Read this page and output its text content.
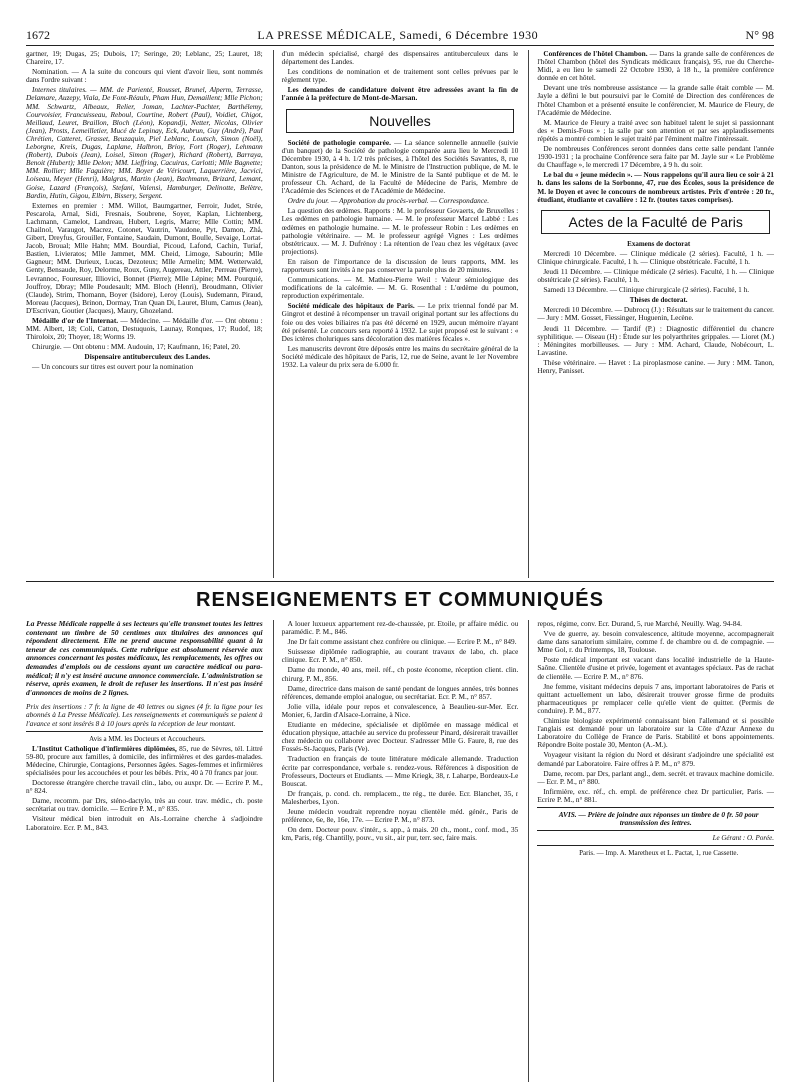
1672	LA PRESSE MÉDICALE, Samedi, 6 Décembre 1930	N° 98

gartner, 19; Dugas, 25; Dubois, 17; Seringe, 20; Leblanc, 25; Lauret, 18; Chareire, 17.

Nomination. — A la suite du concours qui vient d'avoir lieu, sont nommés dans l'ordre suivant :

Internes titulaires. — MM. de Parienté, Rousset, Brunel, Alperm, Terrasse, Delamare, Auzepy, Viala, De Font-Réaulx, Pham Hun, Demaillent; Mlle Pichon; MM. Schwartz, Albeaux, Relier, Joman, Lachter-Pachter, Barthélemy, Courvoisier, Francuisseau, Reboul, Courtine, Robert (Paul), Voidiet, Chigot, Meillaud, Leuret, Braillon, Bloch (Léon), Kopandji, Netter, Nicolas, Olivier (Jean), Prosts, Lemeilletier, Mucé de Lepinay, Eck, Aubrun, Guy (André), Paul Chrétien, Catteret, Grasset, Beuzaquin, Piel Leblanc, Loutsch, Simon (Noël), Leborgne, Kreis, Dugas, Laplane, Halbron, Brioy, Fort (Roger), Lehmann (Robert), Dubois (Jean), Loisel, Simon (Roger), Richard (Robert), Barraya, Benoit (Hubert); Mlle Delon; MM. Lieffring, Cacuiras, Carlotti; Mlle Bagnette; MM. Rollier; Mlle Faguière; MM. Boyer de Véricourt, Laquerrière, Jacvici, Loiseau, Meyer (Henri), Malgras, Martin (Jean), Bachmann, Brizard, Lemant, Goise, Lazard (François), Stefani, Valensi, Hamburger, Delinotte, Belètre, Bardin, Hutin, Gigou, Elbirn, Bissery, Sergent.

Externes en premier : MM. Willot, Baumgartner, Ferroir, Judet, Strée, Pescarola, Arnal, Sidi, Fresnais, Soubrene, Soyer, Kaplan, Lichtenberg, Lachmann, Camelot, Landreau, Hubert, Legris, Marre; Mlle Cottin; MM. Chailnol, Varaugot, Macrez, Cotonet, Vautrin, Vaudone, Pyt, Damon, Zhå, Gibert, Dreyfus, Grouiller, Fontaine, Saudain, Dumont, Boulle, Sevaige, Lortat-Jacob, Broual; Mlle Hahn; MM. Bourdial, Picoud, Lafond, Cachin, Turiaf, Bastien, Livieratos; Mlle Jammet, MM. Cheid, Limoge, Sabourin; Mlle Gagneur; MM. Durieux, Lucas, Dezoteux; Mlle Armelin; MM. Wetterwald, Genty, Bensaude, Roy, Delorme, Roux, Guny, Augereau, Attler, Perreau (Pierre), Levrannoc, Fouresuer, Illiovici, Bonnet (Pierre); Mlle Lépine; MM. Pourquié, Jouffroy, Dbray; Mlle Poudesault; MM. Bloch (Henri), Broudmann, Olivier (Claude), Strim, Thomann, Boyer (Isidore), Leroy (Louis), Sudemann, Piraud, Moreau (Jacques), Brinon, Dormay, Tran Quan Di, Lauret, Blum, Camus (Jean), D'Escrivan, Goutier (Jacques), Maury, Ghozeland.

Médaille d'or de l'Internat. — Médecine. — Médaille d'or. — Ont obtenu : MM. Albert, 18; Coli, Catton, Destuquois, Launay, Ronques, 17; Rudof, 18; Thiroloix, 20; Thoyer, 18; Worms 19.

Chirurgie. — Ont obtenu : MM. Audouin, 17; Kaufmann, 16; Patel, 20.

Dispensaire antituberculeux des Landes.

— Un concours sur titres est ouvert pour la nomination

d'un médecin spécialisé, chargé des dispensaires antituberculeux dans le département des Landes.

Les conditions de nomination et de traitement sont celles prévues par le règlement type.

Les demandes de candidature doivent être adressées avant la fin de l'année à la préfecture de Mont-de-Marsan.

Nouvelles

Société de pathologie comparée. — La séance solennelle annuelle (suivie d'un banquet) de la Société de pathologie comparée aura lieu le Mercredi 10 Décembre 1930, à 4 h. 1/2 très précises, à l'hôtel des Sociétés Savantes, 8, rue Danton, sous la présidence de M. le Ministre de l'Instruction publique, de M. le Ministre de l'Agriculture, de M. le Ministre de la Santé publique et de M. le professeur Ch. Achard, de la Faculté de Médecine de Paris, Membre de l'Académie des Sciences et de l'Académie de Médecine.

Ordre du jour. — Approbation du procès-verbal. — Correspondance.

La question des œdèmes. Rapports : M. le professeur Govaerts, de Bruxelles : Les œdèmes en pathologie humaine. — M. le professeur Marcel Labbé : Les œdèmes en pathologie humaine. — M. le professeur Robin : Les œdèmes en pathologie vétérinaire. — M. le professeur agrégé Vignes : Les œdèmes obstétricaux. — M. J. Dufrénoy : La rétention de l'eau chez les végétaux (avec projections).

En raison de l'importance de la discussion de leurs rapports, MM. les rapporteurs sont invités à ne pas conserver la parole plus de 20 minutes.

Communications. — M. Mathieu-Pierre Weil : Valeur sémiologique des modifications de la calcémie. — M. G. Rosenthal : L'œdème du poumon, reproduction expérimentale.

Société médicale des hôpitaux de Paris. — Le prix triennal fondé par M. Gingrot et destiné à récompenser un travail original portant sur les affections du foie ou des voies biliaires n'a pas été décerné en 1929, aucun mémoire n'ayant été présenté. Le concours sera reporté à 1932. Le sujet proposé est le suivant : « Des ictères choluriques sans décoloration des matières fécales ».

Les manuscrits devront être déposés entre les mains du secrétaire général de la Société médicale des hôpitaux de Paris, 12, rue de Seine, avant le 1er Novembre 1932. La valeur du prix sera de 6.000 fr.

Conférences de l'hôtel Chambon. — Dans la grande salle de conférences de l'hôtel Chambon (hôtel des Syndicats médicaux français), 95, rue du Cherche-Midi, a eu lieu le samedi 22 Octobre 1930, à 18 h., la première conférence donnée en cet hôtel.

Devant une très nombreuse assistance — la grande salle était comble — M. Jayle a défini le but poursuivi par le Comité de Direction des conférences de l'hôtel Chambon et a présenté ensuite le conférencier, M. Maurice de Fleury, de l'Académie de Médecine.

M. Maurice de Fleury a traité avec son habituel talent le sujet si passionnant des « Demis-Fous » ; la salle par son attention et par ses applaudissements répétés a montré combien le sujet traité par l'éminent maître l'intéressait.

De nombreuses Conférences seront données dans cette salle pendant l'année 1930-1931 ; la prochaine Conférence sera faite par M. Jayle sur « Le Problème du Chauffage », le mercredi 17 Décembre, à 9 h. du soir.

Le bal du « jeune médecin ». — Nous rappelons qu'il aura lieu ce soir à 21 h. dans les salons de la Sorbonne, 47, rue des Écoles, sous la présidence de M. le Doyen et avec le concours de nombreux artistes. Prix d'entrée : 20 fr., étudiant, étudiante et cavalière : 12 fr. (toutes taxes comprises).

Actes de la Faculté de Paris

Examens de doctorat

Mercredi 10 Décembre. — Clinique médicale (2 séries). Faculté, 1 h. — Clinique chirurgicale. Faculté, 1 h. — Clinique obstétricale. Faculté, 1 h.

Jeudi 11 Décembre. — Clinique médicale (2 séries). Faculté, 1 h. — Clinique obstétricale (2 séries). Faculté, 1 h.

Samedi 13 Décembre. — Clinique chirurgicale (2 séries). Faculté, 1 h.

Thèses de doctorat.

Mercredi 10 Décembre. — Dubrocq (J.) : Résultats sur le traitement du cancer. — Jury : MM. Gosset, Fiessinger, Huguenin, Lecène.

Jeudi 11 Décembre. — Tardif (P.) : Diagnostic différentiel du chancre syphilitique. — Oiseau (H) : Étude sur les polyarthrites grippales. — Lioret (M.) : Méningites morbilleuses. — Jury : MM. Achard, Claude, Nobécourt, L. Lavastine.

Thèse vétérinaire. — Havet : La piroplasmose canine. — Jury : MM. Tanon, Henry, Panisset.

RENSEIGNEMENTS ET COMMUNIQUÉS

La Presse Médicale rappelle à ses lecteurs qu'elle transmet toutes les lettres contenant un timbre de 50 centimes aux titulaires des annonces qui répondent directement. Elle ne prend aucune responsabilité quant à la teneur de ces communiqués. Cette rubrique est absolument réservée aux annonces concernant les postes médicaux, les remplacements, les offres ou demandes d'emplois ou de cessions ayant un caractère médical ou para-médical; il n'y est inséré aucune annonce commerciale. L'administration se réserve, après examen, le droit de refuser les insertions. Il n'est pas inséré d'annonces de moins de 2 lignes.

Prix des insertions : 7 fr. la ligne de 40 lettres ou signes (4 fr. la ligne pour les abonnés à La Presse Médicale). Les renseignements et communiqués se paient à l'avance et sont insérés 8 à 10 jours après la réception de leur montant.

Avis a MM. les Docteurs et Accoucheurs.

L'Institut Catholique d'infirmières diplômées, 85, rue de Sèvres, tél. Littré 59-80, procure aux familles, à domicile, des infirmières et des gardes-malades. Médecine, Chirurgie, Contagions, Personnes âgées. Sages-femmes et infirmières spécialisées pour les accouchées et pour les bébés. Prix, 40 à 70 francs par jour.

Doctoresse étrangère cherche travail clin., labo, ou auxpr. Dr. — Ecrire P. M., n° 824.

Dame, recomm. par Drs, sténo-dactylo, très au cour. trav. médic., ch. poste secrétariat ou trav. domicile. — Ecrire P. M., n° 835.

Visiteur médical bien introduit en Als.-Lorraine cherche à s'adjoindre Laboratoire. Ecr. P. M., 843.

A louer luxueux appartement rez-de-chaussée, pr. Etoile, pr affaire médic. ou paramédic. P. M., 846.

Jne Dr fait comme assistant chez confrère ou clinique. — Ecrire P. M., n° 849.

Suissesse diplômée radiographie, au courant travaux de labo, ch. place clinique. Ecr. P. M., n° 850.

Dame du monde, 40 ans, meil. réf., ch poste économe, réception client. clin. chirurg. P. M., 856.

Dame, directrice dans maison de santé pendant de longues années, très bonnes références, demande emploi analogue, ou secrétariat. Ecr. P. M., n° 857.

Jolie villa, idéale pour repos et convalescence, à Beaulieu-sur-Mer. Ecr. Monier, 6, Jardin d'Alsace-Lorraine, à Nice.

Etudiante en médecine, spécialisée et diplômée en massage médical et éducation physique, attachée au service du professeur Pinard, désirerait travailler chez médecin ou collaborer avec Docteur. S'adresser Mlle G. Faure, 8, rue des Fossés-St-Jacques, Paris (Ve).

Traduction en français de toute littérature médicale allemande. Traduction écrite par correspondance, verbale s. rendez-vous. Références à disposition de Professeurs, Docteurs et Etudiants. — Mme Kriegk, 38, r. Laharpe, Bordeaux-Le Bouscat.

Dr français, p. cond. ch. remplacem., tte rég., tte durée. Ecr. Blanchet, 35, r Malesherbes, Lyon.

Jeune médecin voudrait reprendre noyau clientèle méd. génér., Paris de préférence, 6e, 8e, 16e, 17e. — Ecrire P. M., n° 873.

On dem. Docteur pouv. s'intér., s. app., à mais. 20 ch., mont., conf. mod., 35 km, Paris, rég. Chantilly, pouv., vu sit., air pur, terr. sec, faire mais.

repos, régime, conv. Ecr. Durand, 5, rue Marché, Neuilly. Wag. 94-84.

Vve de guerre, ay. besoin convalescence, altitude moyenne, accompagnerait dame dans sanatorium similaire, comme f. de chambre ou d. de compagnie. — Mme Gol, r. du Printemps, 18, Toulouse.

Poste médical important est vacant dans localité industrielle de la Haute-Saône. Clientèle d'usine et privée, logement et avantages spéciaux. Pas de rachat de clientèle. — Ecrire P. M., n° 876.

Jne femme, visitant médecins depuis 7 ans, important laboratoires de Paris et quittant actuellement un labo, désirerait trouver grosse firme de produits pharmaceutiques pr remplacer celle qu'elle vient de quitter. (Permis de conduire). P. M., 877.

Chimiste biologiste expérimenté connaissant bien l'allemand et si possible l'anglais est demandé pour un laboratoire sur la Côte d'Azur Annexe du Laboratoire du Collège de France de Paris. Stabilité et bons appointements. Répondre Boite postale 30, Menton (A.-M.).

Voyageur visitant la région du Nord et désirant s'adjoindre une spécialité est demandé par Laboratoire. Faire offres à P. M., n° 879.

Dame, recom. par Drs, parlant angl., dem. secrét. et travaux machine domicile. — Ecr. P. M., n° 880.

Infirmière, exc. réf., ch. empl. de préférence chez Dr particulier, Paris. — Ecrire P. M., n° 881.

AVIS. — Prière de joindre aux réponses un timbre de 0 fr. 50 pour transmission des lettres.

Le Gérant : O. Porée.

Paris. — Imp. A. Maretheux et L. Pactat, 1, rue Cassette.
